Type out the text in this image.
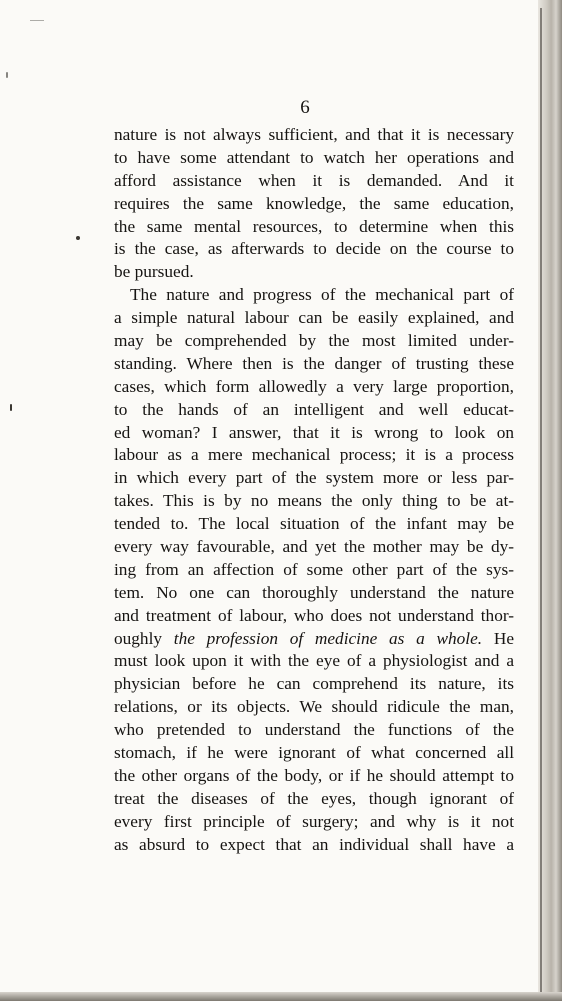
6
nature is not always sufficient, and that it is necessary
to have some attendant to watch her operations and
afford assistance when it is demanded. And it
requires the same knowledge, the same education,
the same mental resources, to determine when this
is the case, as afterwards to decide on the course to
be pursued.
The nature and progress of the mechanical part of
a simple natural labour can be easily explained, and
may be comprehended by the most limited under-
standing. Where then is the danger of trusting these
cases, which form allowedly a very large proportion,
to the hands of an intelligent and well educat-
ed woman? I answer, that it is wrong to look on
labour as a mere mechanical process; it is a process
in which every part of the system more or less par-
takes. This is by no means the only thing to be at-
tended to. The local situation of the infant may be
every way favourable, and yet the mother may be dy-
ing from an affection of some other part of the sys-
tem. No one can thoroughly understand the nature
and treatment of labour, who does not understand thor-
oughly the profession of medicine as a whole. He
must look upon it with the eye of a physiologist and a
physician before he can comprehend its nature, its
relations, or its objects. We should ridicule the man,
who pretended to understand the functions of the
stomach, if he were ignorant of what concerned all
the other organs of the body, or if he should attempt to
treat the diseases of the eyes, though ignorant of
every first principle of surgery; and why is it not
as absurd to expect that an individual shall have a
